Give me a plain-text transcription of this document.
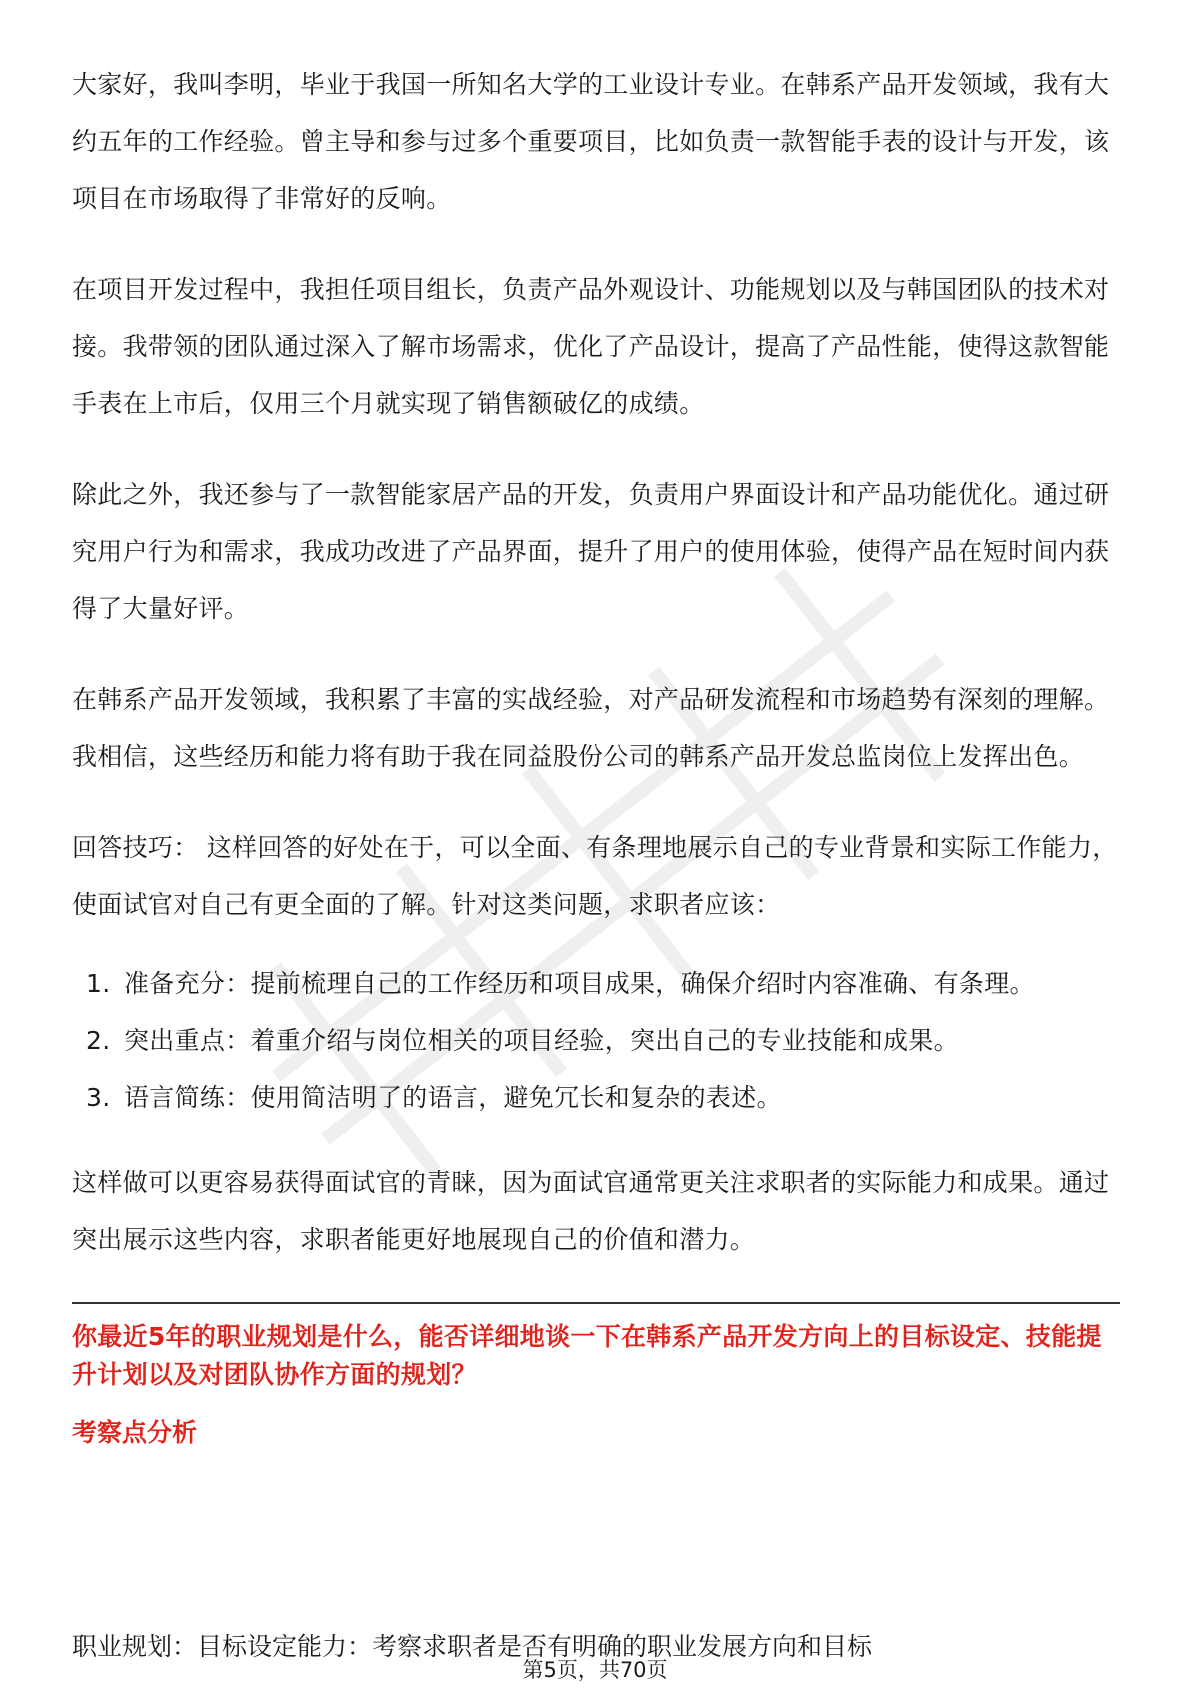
大家好，我叫李明，毕业于我国一所知名大学的工业设计专业。在韩系产品开发领域，我有大约五年的工作经验。曾主导和参与过多个重要项目，比如负责一款智能手表的设计与开发，该项目在市场取得了非常好的反响。

在项目开发过程中，我担任项目组长，负责产品外观设计、功能规划以及与韩国团队的技术对接。我带领的团队通过深入了解市场需求，优化了产品设计，提高了产品性能，使得这款智能手表在上市后，仅用三个月就实现了销售额破亿的成绩。

除此之外，我还参与了一款智能家居产品的开发，负责用户界面设计和产品功能优化。通过研究用户行为和需求，我成功改进了产品界面，提升了用户的使用体验，使得产品在短时间内获得了大量好评。

在韩系产品开发领域，我积累了丰富的实战经验，对产品研发流程和市场趋势有深刻的理解。我相信，这些经历和能力将有助于我在同益股份公司的韩系产品开发总监岗位上发挥出色。

回答技巧： 这样回答的好处在于，可以全面、有条理地展示自己的专业背景和实际工作能力，使面试官对自己有更全面的了解。针对这类问题，求职者应该：

1. 准备充分：提前梳理自己的工作经历和项目成果，确保介绍时内容准确、有条理。
2. 突出重点：着重介绍与岗位相关的项目经验，突出自己的专业技能和成果。
3. 语言简练：使用简洁明了的语言，避免冗长和复杂的表述。

这样做可以更容易获得面试官的青睐，因为面试官通常更关注求职者的实际能力和成果。通过突出展示这些内容，求职者能更好地展现自己的价值和潜力。

你最近5年的职业规划是什么，能否详细地谈一下在韩系产品开发方向上的目标设定、技能提升计划以及对团队协作方面的规划？

考察点分析

职业规划：目标设定能力：考察求职者是否有明确的职业发展方向和目标
第5页，共70页
